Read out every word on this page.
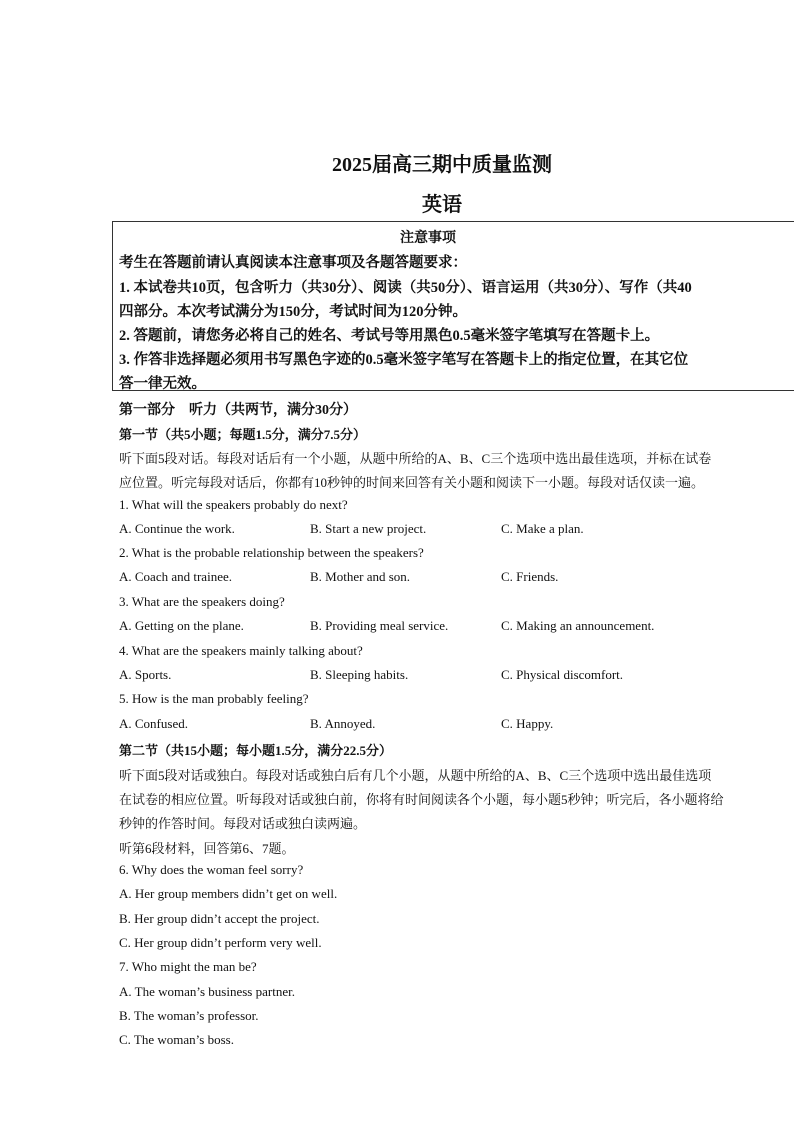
2025届高三期中质量监测
英语
注意事项
考生在答题前请认真阅读本注意事项及各题答题要求：
1. 本试卷共10页，包含听力（共30分）、阅读（共50分）、语言运用（共30分）、写作（共40
四部分。本次考试满分为150分，考试时间为120分钟。
2. 答题前，请您务必将自己的姓名、考试号等用黑色0.5毫米签字笔填写在答题卡上。
3. 作答非选择题必须用书写黑色字迹的0.5毫米签字笔写在答题卡上的指定位置，在其它位
答一律无效。
第一部分　听力（共两节，满分30分）
第一节（共5小题；每题1.5分，满分7.5分）
听下面5段对话。每段对话后有一个小题，从题中所给的A、B、C三个选项中选出最佳选项，并标在试卷
应位置。听完每段对话后，你都有10秒钟的时间来回答有关小题和阅读下一小题。每段对话仅读一遍。
1. What will the speakers probably do next?
A. Continue the work.	B. Start a new project.	C. Make a plan.
2. What is the probable relationship between the speakers?
A. Coach and trainee.	B. Mother and son.	C. Friends.
3. What are the speakers doing?
A. Getting on the plane.	B. Providing meal service.	C. Making an announcement.
4. What are the speakers mainly talking about?
A. Sports.	B. Sleeping habits.	C. Physical discomfort.
5. How is the man probably feeling?
A. Confused.	B. Annoyed.	C. Happy.
第二节（共15小题；每小题1.5分，满分22.5分）
听下面5段对话或独白。每段对话或独白后有几个小题，从题中所给的A、B、C三个选项中选出最佳选项
在试卷的相应位置。听每段对话或独白前，你将有时间阅读各个小题，每小题5秒钟；听完后，各小题将给
秒钟的作答时间。每段对话或独白读两遍。
听第6段材料，回答第6、7题。
6. Why does the woman feel sorry?
A. Her group members didn’t get on well.
B. Her group didn’t accept the project.
C. Her group didn’t perform very well.
7. Who might the man be?
A. The woman’s business partner.
B. The woman’s professor.
C. The woman’s boss.
